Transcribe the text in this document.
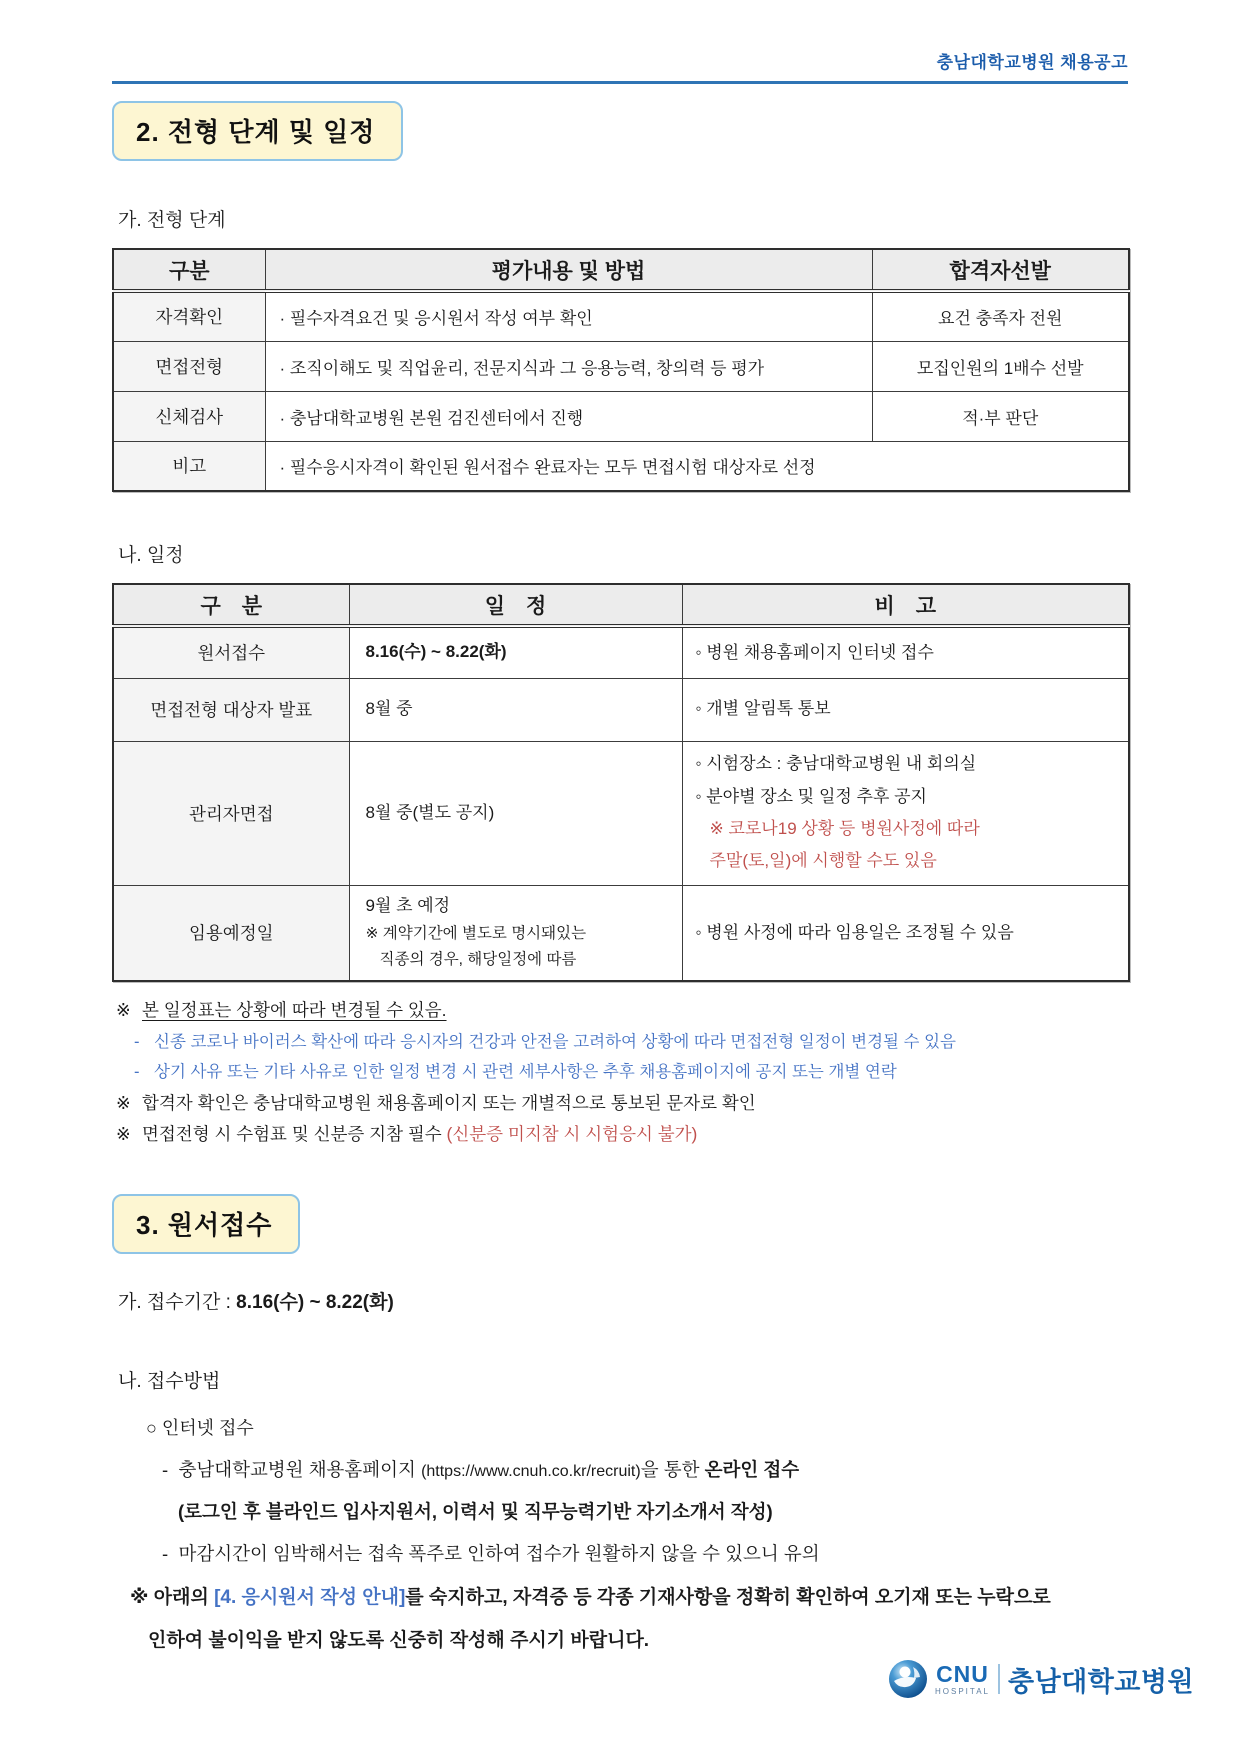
충남대학교병원 채용공고
2. 전형 단계 및 일정
가. 전형 단계
구분	평가내용 및 방법	합격자선발
자격확인	· 필수자격요건 및 응시원서 작성 여부 확인	요건 충족자 전원
면접전형	· 조직이해도 및 직업윤리, 전문지식과 그 응용능력, 창의력 등 평가	모집인원의 1배수 선발
신체검사	· 충남대학교병원 본원 검진센터에서 진행	적·부 판단
비고	· 필수응시자격이 확인된 원서접수 완료자는 모두 면접시험 대상자로 선정	
나. 일정
구　분	일　정	비　고
원서접수	8.16(수) ~ 8.22(화)	◦ 병원 채용홈페이지 인터넷 접수
면접전형 대상자 발표	8월 중	◦ 개별 알림톡 통보
관리자면접	8월 중(별도 공지)	◦ 시험장소 : 충남대학교병원 내 회의실
◦ 분야별 장소 및 일정 추후 공지
※ 코로나19 상황 등 병원사정에 따라
주말(토,일)에 시행할 수도 있음

임용예정일	9월 초 예정
※ 계약기간에 별도로 명시돼있는
직종의 경우, 해당일정에 따름	◦ 병원 사정에 따라 임용일은 조정될 수 있음
※ 본 일정표는 상황에 따라 변경될 수 있음.
- 신종 코로나 바이러스 확산에 따라 응시자의 건강과 안전을 고려하여 상황에 따라 면접전형 일정이 변경될 수 있음
- 상기 사유 또는 기타 사유로 인한 일정 변경 시 관련 세부사항은 추후 채용홈페이지에 공지 또는 개별 연락
※ 합격자 확인은 충남대학교병원 채용홈페이지 또는 개별적으로 통보된 문자로 확인
※ 면접전형 시 수험표 및 신분증 지참 필수 (신분증 미지참 시 시험응시 불가)
3. 원서접수
가. 접수기간 : 8.16(수) ~ 8.22(화)
나. 접수방법
○ 인터넷 접수
- 충남대학교병원 채용홈페이지 (https://www.cnuh.co.kr/recruit)을 통한 온라인 접수
(로그인 후 블라인드 입사지원서, 이력서 및 직무능력기반 자기소개서 작성)
- 마감시간이 임박해서는 접속 폭주로 인하여 접수가 원활하지 않을 수 있으니 유의
※ 아래의 [4. 응시원서 작성 안내]를 숙지하고, 자격증 등 각종 기재사항을 정확히 확인하여 오기재 또는 누락으로
인하여 불이익을 받지 않도록 신중히 작성해 주시기 바랍니다.
CNU
HOSPITAL 충남대학교병원
